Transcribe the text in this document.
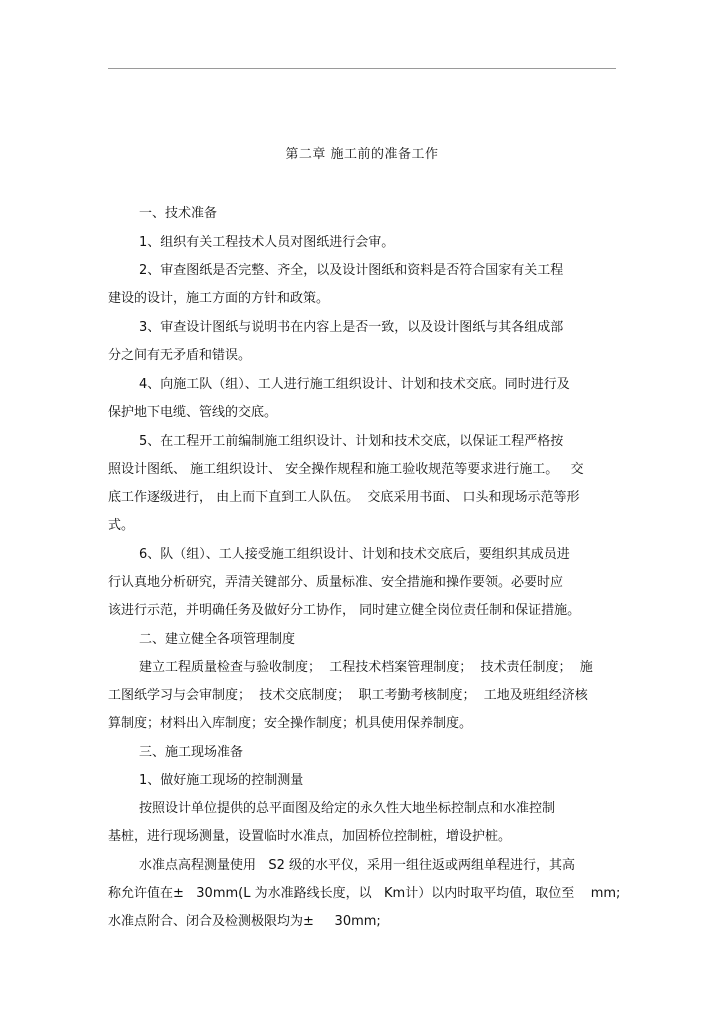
第二章 施工前的准备工作
一、技术准备
1、组织有关工程技术人员对图纸进行会审。
2、审查图纸是否完整、齐全，以及设计图纸和资料是否符合国家有关工程
建设的设计，施工方面的方针和政策。
3、审查设计图纸与说明书在内容上是否一致，以及设计图纸与其各组成部
分之间有无矛盾和错误。
4、向施工队（组）、工人进行施工组织设计、计划和技术交底。同时进行及
保护地下电缆、管线的交底。
5、在工程开工前编制施工组织设计、计划和技术交底，以保证工程严格按
照设计图纸、 施工组织设计、 安全操作规程和施工验收规范等要求进行施工。   交
底工作逐级进行， 由上而下直到工人队伍。  交底采用书面、 口头和现场示范等形
式。
6、队（组）、工人接受施工组织设计、计划和技术交底后，要组织其成员进
行认真地分析研究，弄清关键部分、质量标准、安全措施和操作要领。必要时应
该进行示范，并明确任务及做好分工协作， 同时建立健全岗位责任制和保证措施。
二、建立健全各项管理制度
建立工程质量检查与验收制度；  工程技术档案管理制度；  技术责任制度；  施
工图纸学习与会审制度；  技术交底制度；  职工考勤考核制度；  工地及班组经济核
算制度；材料出入库制度；安全操作制度；机具使用保养制度。
三、施工现场准备
1、做好施工现场的控制测量
按照设计单位提供的总平面图及给定的永久性大地坐标控制点和水准控制
基桩，进行现场测量，设置临时水准点，加固桥位控制桩，增设护桩。
水准点高程测量使用   S2 级的水平仪，采用一组往返或两组单程进行，其高
称允许值在±   30mm(L 为水准路线长度，以   Km计）以内时取平均值，取位至    mm;
水准点附合、闭合及检测极限均为±     30mm;
